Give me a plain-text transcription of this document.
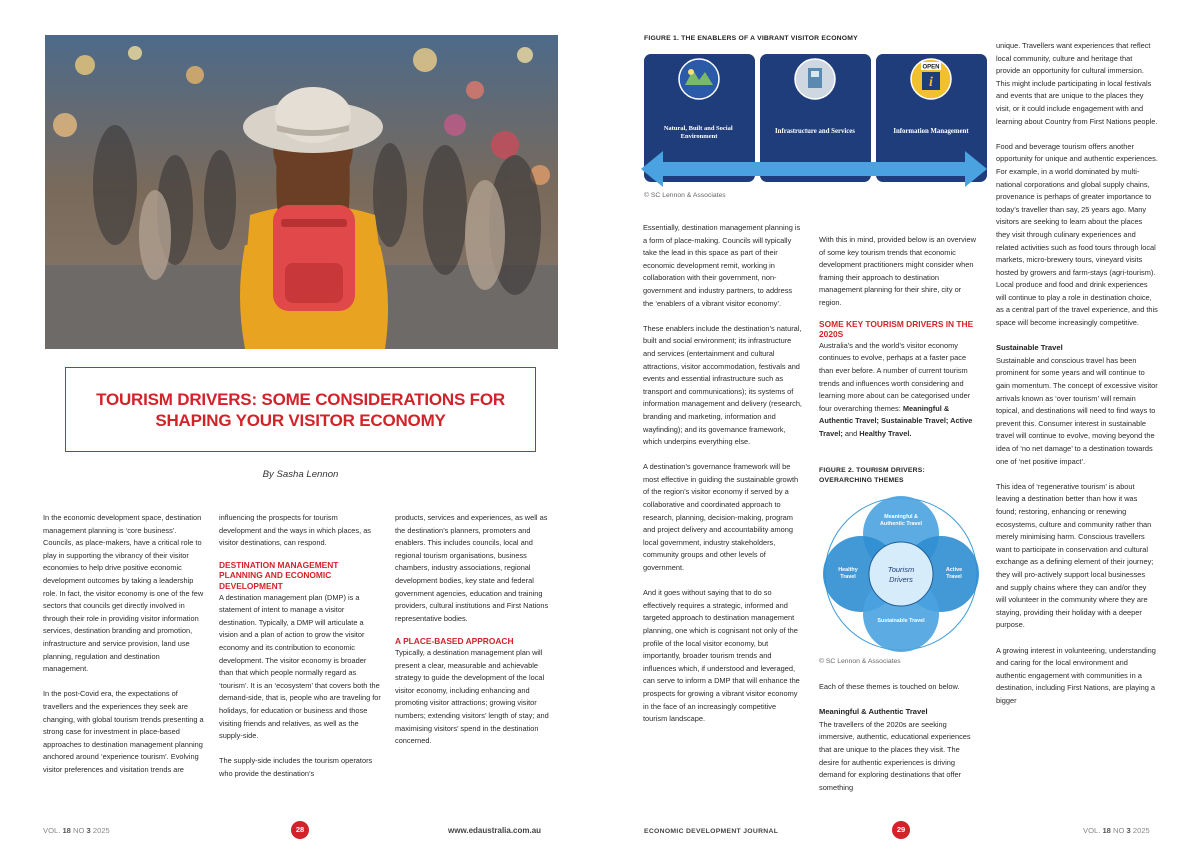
TOURISM DRIVERS: SOME CONSIDERATIONS FOR SHAPING YOUR VISITOR ECONOMY
By Sasha Lennon

In the economic development space, destination management planning is ‘core business’. Councils, as place-makers, have a critical role to play in supporting the vibrancy of their visitor economies to help drive positive economic development outcomes by taking a leadership role. In fact, the visitor economy is one of the few sectors that councils get directly involved in through their role in providing visitor information services, destination branding and promotion, infrastructure and service provision, land use planning, regulation and destination management.

In the post-Covid era, the expectations of travellers and the experiences they seek are changing, with global tourism trends presenting a strong case for investment in place-based approaches to destination management planning anchored around ‘experience tourism’. Evolving visitor preferences and visitation trends are

influencing the prospects for tourism development and the ways in which places, as visitor destinations, can respond.

DESTINATION MANAGEMENT PLANNING AND ECONOMIC DEVELOPMENT

A destination management plan (DMP) is a statement of intent to manage a visitor destination. Typically, a DMP will articulate a vision and a plan of action to grow the visitor economy and its contribution to economic development. The visitor economy is broader than that which people normally regard as ‘tourism’. It is an ‘ecosystem’ that covers both the demand-side, that is, people who are traveling for holidays, for education or business and those visiting friends and relatives, as well as the supply-side.

The supply-side includes the tourism operators who provide the destination’s

products, services and experiences, as well as the destination’s planners, promoters and enablers. This includes councils, local and regional tourism organisations, business chambers, industry associations, regional development bodies, key state and federal government agencies, education and training providers, cultural institutions and First Nations representative bodies.

A PLACE-BASED APPROACH

Typically, a destination management plan will present a clear, measurable and achievable strategy to guide the development of the local visitor economy, including enhancing and promoting visitor attractions; growing visitor numbers; extending visitors’ length of stay; and maximising visitors’ spend in the destination concerned.

FIGURE 1. THE ENABLERS OF A VIBRANT VISITOR ECONOMY
OPEN
i
Natural, Built and Social Environment
Infrastructure and Services	Information Management
© SC Lennon & Associates

Essentially, destination management planning is a form of place-making. Councils will typically take the lead in this space as part of their economic development remit, working in collaboration with their government, non-government and industry partners, to address the ‘enablers of a vibrant visitor economy’.

These enablers include the destination’s natural, built and social environment; its infrastructure and services (entertainment and cultural attractions, visitor accommodation, festivals and events and essential infrastructure such as transport and communications); its systems of information management and delivery (research, branding and marketing, information and wayfinding); and its governance framework, which underpins everything else.

A destination’s governance framework will be most effective in guiding the sustainable growth of the region’s visitor economy if served by a collaborative and coordinated approach to research, planning, decision-making, program and project delivery and accountability among local government, industry stakeholders, community groups and other levels of government.

And it goes without saying that to do so effectively requires a strategic, informed and targeted approach to destination management planning, one which is cognisant not only of the profile of the local visitor economy, but importantly, broader tourism trends and influences which, if understood and leveraged, can serve to inform a DMP that will enhance the prospects for growing a vibrant visitor economy in the face of an increasingly competitive tourism landscape.

With this in mind, provided below is an overview of some key tourism trends that economic development practitioners might consider when framing their approach to destination management planning for their shire, city or region.

SOME KEY TOURISM DRIVERS IN THE 2020S

Australia’s and the world’s visitor economy continues to evolve, perhaps at a faster pace than ever before. A number of current tourism trends and influences worth considering and learning more about can be categorised under four overarching themes: Meaningful & Authentic Travel; Sustainable Travel; Active Travel; and Healthy Travel.

FIGURE 2. TOURISM DRIVERS: OVERARCHING THEMES
Tourism
Drivers
Meaningful &
Authentic Travel
Healthy
Travel
Active
Travel
Sustainable Travel
© SC Lennon & Associates

Each of these themes is touched on below.

Meaningful & Authentic Travel

The travellers of the 2020s are seeking immersive, authentic, educational experiences that are unique to the places they visit. The desire for authentic experiences is driving demand for exploring destinations that offer something

unique. Travellers want experiences that reflect local community, culture and heritage that provide an opportunity for cultural immersion. This might include participating in local festivals and events that are unique to the places they visit, or it could include engagement with and learning about Country from First Nations people.

Food and beverage tourism offers another opportunity for unique and authentic experiences. For example, in a world dominated by multi-national corporations and global supply chains, provenance is perhaps of greater importance to today’s traveller than say, 25 years ago. Many visitors are seeking to learn about the places they visit through culinary experiences and related activities such as food tours through local markets, micro-brewery tours, vineyard visits hosted by growers and farm-stays (agri-tourism). Local produce and food and drink experiences will continue to play a role in destination choice, as a central part of the travel experience, and this space will become increasingly competitive.

Sustainable Travel

Sustainable and conscious travel has been prominent for some years and will continue to gain momentum. The concept of excessive visitor arrivals known as ‘over tourism’ will remain topical, and destinations will need to find ways to prevent this. Consumer interest in sustainable travel will continue to evolve, moving beyond the idea of ‘no net damage’ to a destination towards one of ‘net positive impact’.

This idea of ‘regenerative tourism’ is about leaving a destination better than how it was found; restoring, enhancing or renewing ecosystems, culture and community rather than merely minimising harm. Conscious travellers want to participate in conservation and cultural exchange as a defining element of their journey; they will pro-actively support local businesses and supply chains where they can and/or they will volunteer in the community where they are staying, providing their holiday with a deeper purpose.

A growing interest in volunteering, understanding and caring for the local environment and authentic engagement with communities in a destination, including First Nations, are playing a bigger

VOL. 18 NO 3 2025	28	www.edaustralia.com.au	ECONOMIC DEVELOPMENT JOURNAL	29	VOL. 18 NO 3 2025
